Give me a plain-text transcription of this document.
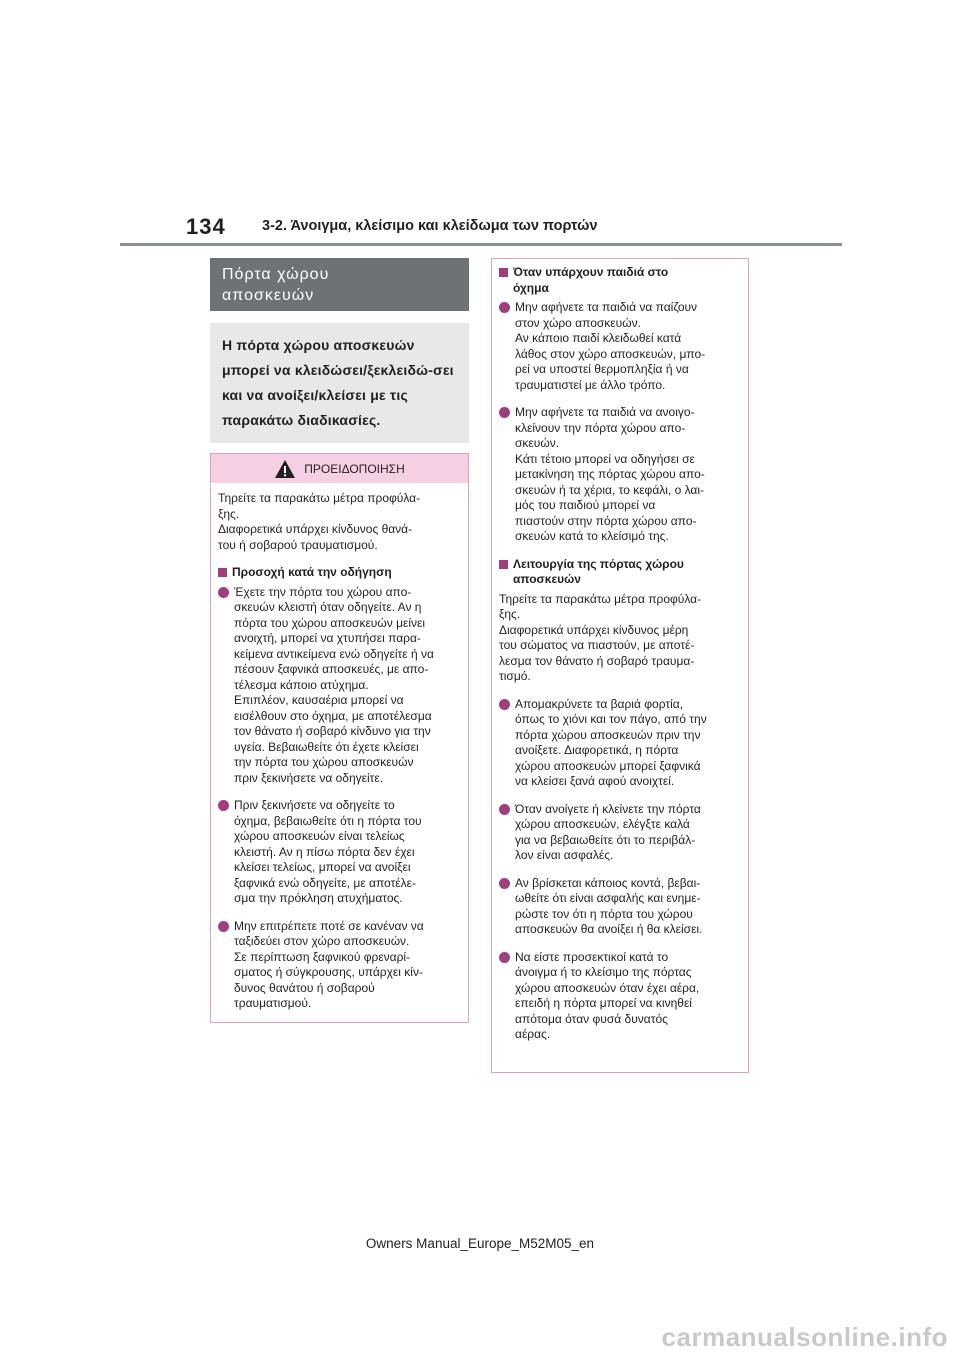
134	3-2. Άνοιγμα, κλείσιμο και κλείδωμα των πορτών
Πόρτα χώρου
αποσκευών
Η πόρτα χώρου αποσκευών μπορεί να κλειδώσει/ξεκλειδώ-σει και να ανοίξει/κλείσει με τις παρακάτω διαδικασίες.
ΠΡΟΕΙΔΟΠΟΙΗΣΗ

Τηρείτε τα παρακάτω μέτρα προφύλα-
ξης.
Διαφορετικά υπάρχει κίνδυνος θανά-
του ή σοβαρού τραυματισμού.

Προσοχή κατά την οδήγηση
Έχετε την πόρτα του χώρου απο-
σκευών κλειστή όταν οδηγείτε. Αν η
πόρτα του χώρου αποσκευών μείνει
ανοιχτή, μπορεί να χτυπήσει παρα-
κείμενα αντικείμενα ενώ οδηγείτε ή να
πέσουν ξαφνικά αποσκευές, με απο-
τέλεσμα κάποιο ατύχημα.
Επιπλέον, καυσαέρια μπορεί να
εισέλθουν στο όχημα, με αποτέλεσμα
τον θάνατο ή σοβαρό κίνδυνο για την
υγεία. Βεβαιωθείτε ότι έχετε κλείσει
την πόρτα του χώρου αποσκευών
πριν ξεκινήσετε να οδηγείτε.
Πριν ξεκινήσετε να οδηγείτε το
όχημα, βεβαιωθείτε ότι η πόρτα του
χώρου αποσκευών είναι τελείως
κλειστή. Αν η πίσω πόρτα δεν έχει
κλείσει τελείως, μπορεί να ανοίξει
ξαφνικά ενώ οδηγείτε, με αποτέλε-
σμα την πρόκληση ατυχήματος.
Μην επιτρέπετε ποτέ σε κανέναν να
ταξιδεύει στον χώρο αποσκευών.
Σε περίπτωση ξαφνικού φρεναρί-
σματος ή σύγκρουσης, υπάρχει κίν-
δυνος θανάτου ή σοβαρού
τραυματισμού.
Όταν υπάρχουν παιδιά στο
όχημα
Μην αφήνετε τα παιδιά να παίζουν
στον χώρο αποσκευών.
Αν κάποιο παιδί κλειδωθεί κατά
λάθος στον χώρο αποσκευών, μπο-
ρεί να υποστεί θερμοπληξία ή να
τραυματιστεί με άλλο τρόπο.
Μην αφήνετε τα παιδιά να ανοιγο-
κλείνουν την πόρτα χώρου απο-
σκευών.
Κάτι τέτοιο μπορεί να οδηγήσει σε
μετακίνηση της πόρτας χώρου απο-
σκευών ή τα χέρια, το κεφάλι, ο λαι-
μός του παιδιού μπορεί να
πιαστούν στην πόρτα χώρου απο-
σκευών κατά το κλείσιμό της.
Λειτουργία της πόρτας χώρου
αποσκευών

Τηρείτε τα παρακάτω μέτρα προφύλα-
ξης.
Διαφορετικά υπάρχει κίνδυνος μέρη
του σώματος να πιαστούν, με αποτέ-
λεσμα τον θάνατο ή σοβαρό τραυμα-
τισμό.

Απομακρύνετε τα βαριά φορτία,
όπως το χιόνι και τον πάγο, από την
πόρτα χώρου αποσκευών πριν την
ανοίξετε. Διαφορετικά, η πόρτα
χώρου αποσκευών μπορεί ξαφνικά
να κλείσει ξανά αφού ανοιχτεί.
Όταν ανοίγετε ή κλείνετε την πόρτα
χώρου αποσκευών, ελέγξτε καλά
για να βεβαιωθείτε ότι το περιβάλ-
λον είναι ασφαλές.
Αν βρίσκεται κάποιος κοντά, βεβαι-
ωθείτε ότι είναι ασφαλής και ενημε-
ρώστε τον ότι η πόρτα του χώρου
αποσκευών θα ανοίξει ή θα κλείσει.
Να είστε προσεκτικοί κατά το
άνοιγμα ή το κλείσιμο της πόρτας
χώρου αποσκευών όταν έχει αέρα,
επειδή η πόρτα μπορεί να κινηθεί
απότομα όταν φυσά δυνατός
αέρας.
Owners Manual_Europe_M52M05_en
carmanualsonline.info
